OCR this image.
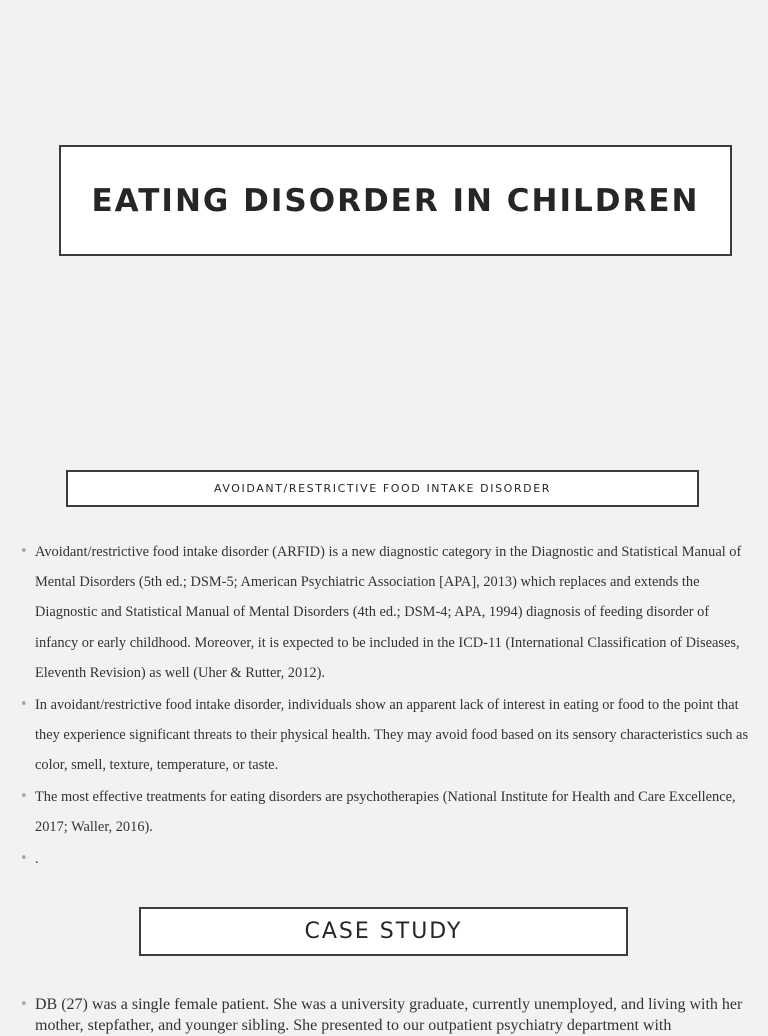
EATING DISORDER IN CHILDREN
AVOIDANT/RESTRICTIVE FOOD INTAKE DISORDER
• Avoidant/restrictive food intake disorder (ARFID) is a new diagnostic category in the Diagnostic and Statistical Manual of Mental Disorders (5th ed.; DSM-5; American Psychiatric Association [APA], 2013) which replaces and extends the Diagnostic and Statistical Manual of Mental Disorders (4th ed.; DSM-4; APA, 1994) diagnosis of feeding disorder of infancy or early childhood. Moreover, it is expected to be included in the ICD-11 (International Classification of Diseases, Eleventh Revision) as well (Uher & Rutter, 2012).
• In avoidant/restrictive food intake disorder, individuals show an apparent lack of interest in eating or food to the point that they experience significant threats to their physical health. They may avoid food based on its sensory characteristics such as color, smell, texture, temperature, or taste.
• The most effective treatments for eating disorders are psychotherapies (National Institute for Health and Care Excellence, 2017; Waller, 2016).
• .
CASE STUDY
• DB (27) was a single female patient. She was a university graduate, currently unemployed, and living with her mother, stepfather, and younger sibling. She presented to our outpatient psychiatry department with
